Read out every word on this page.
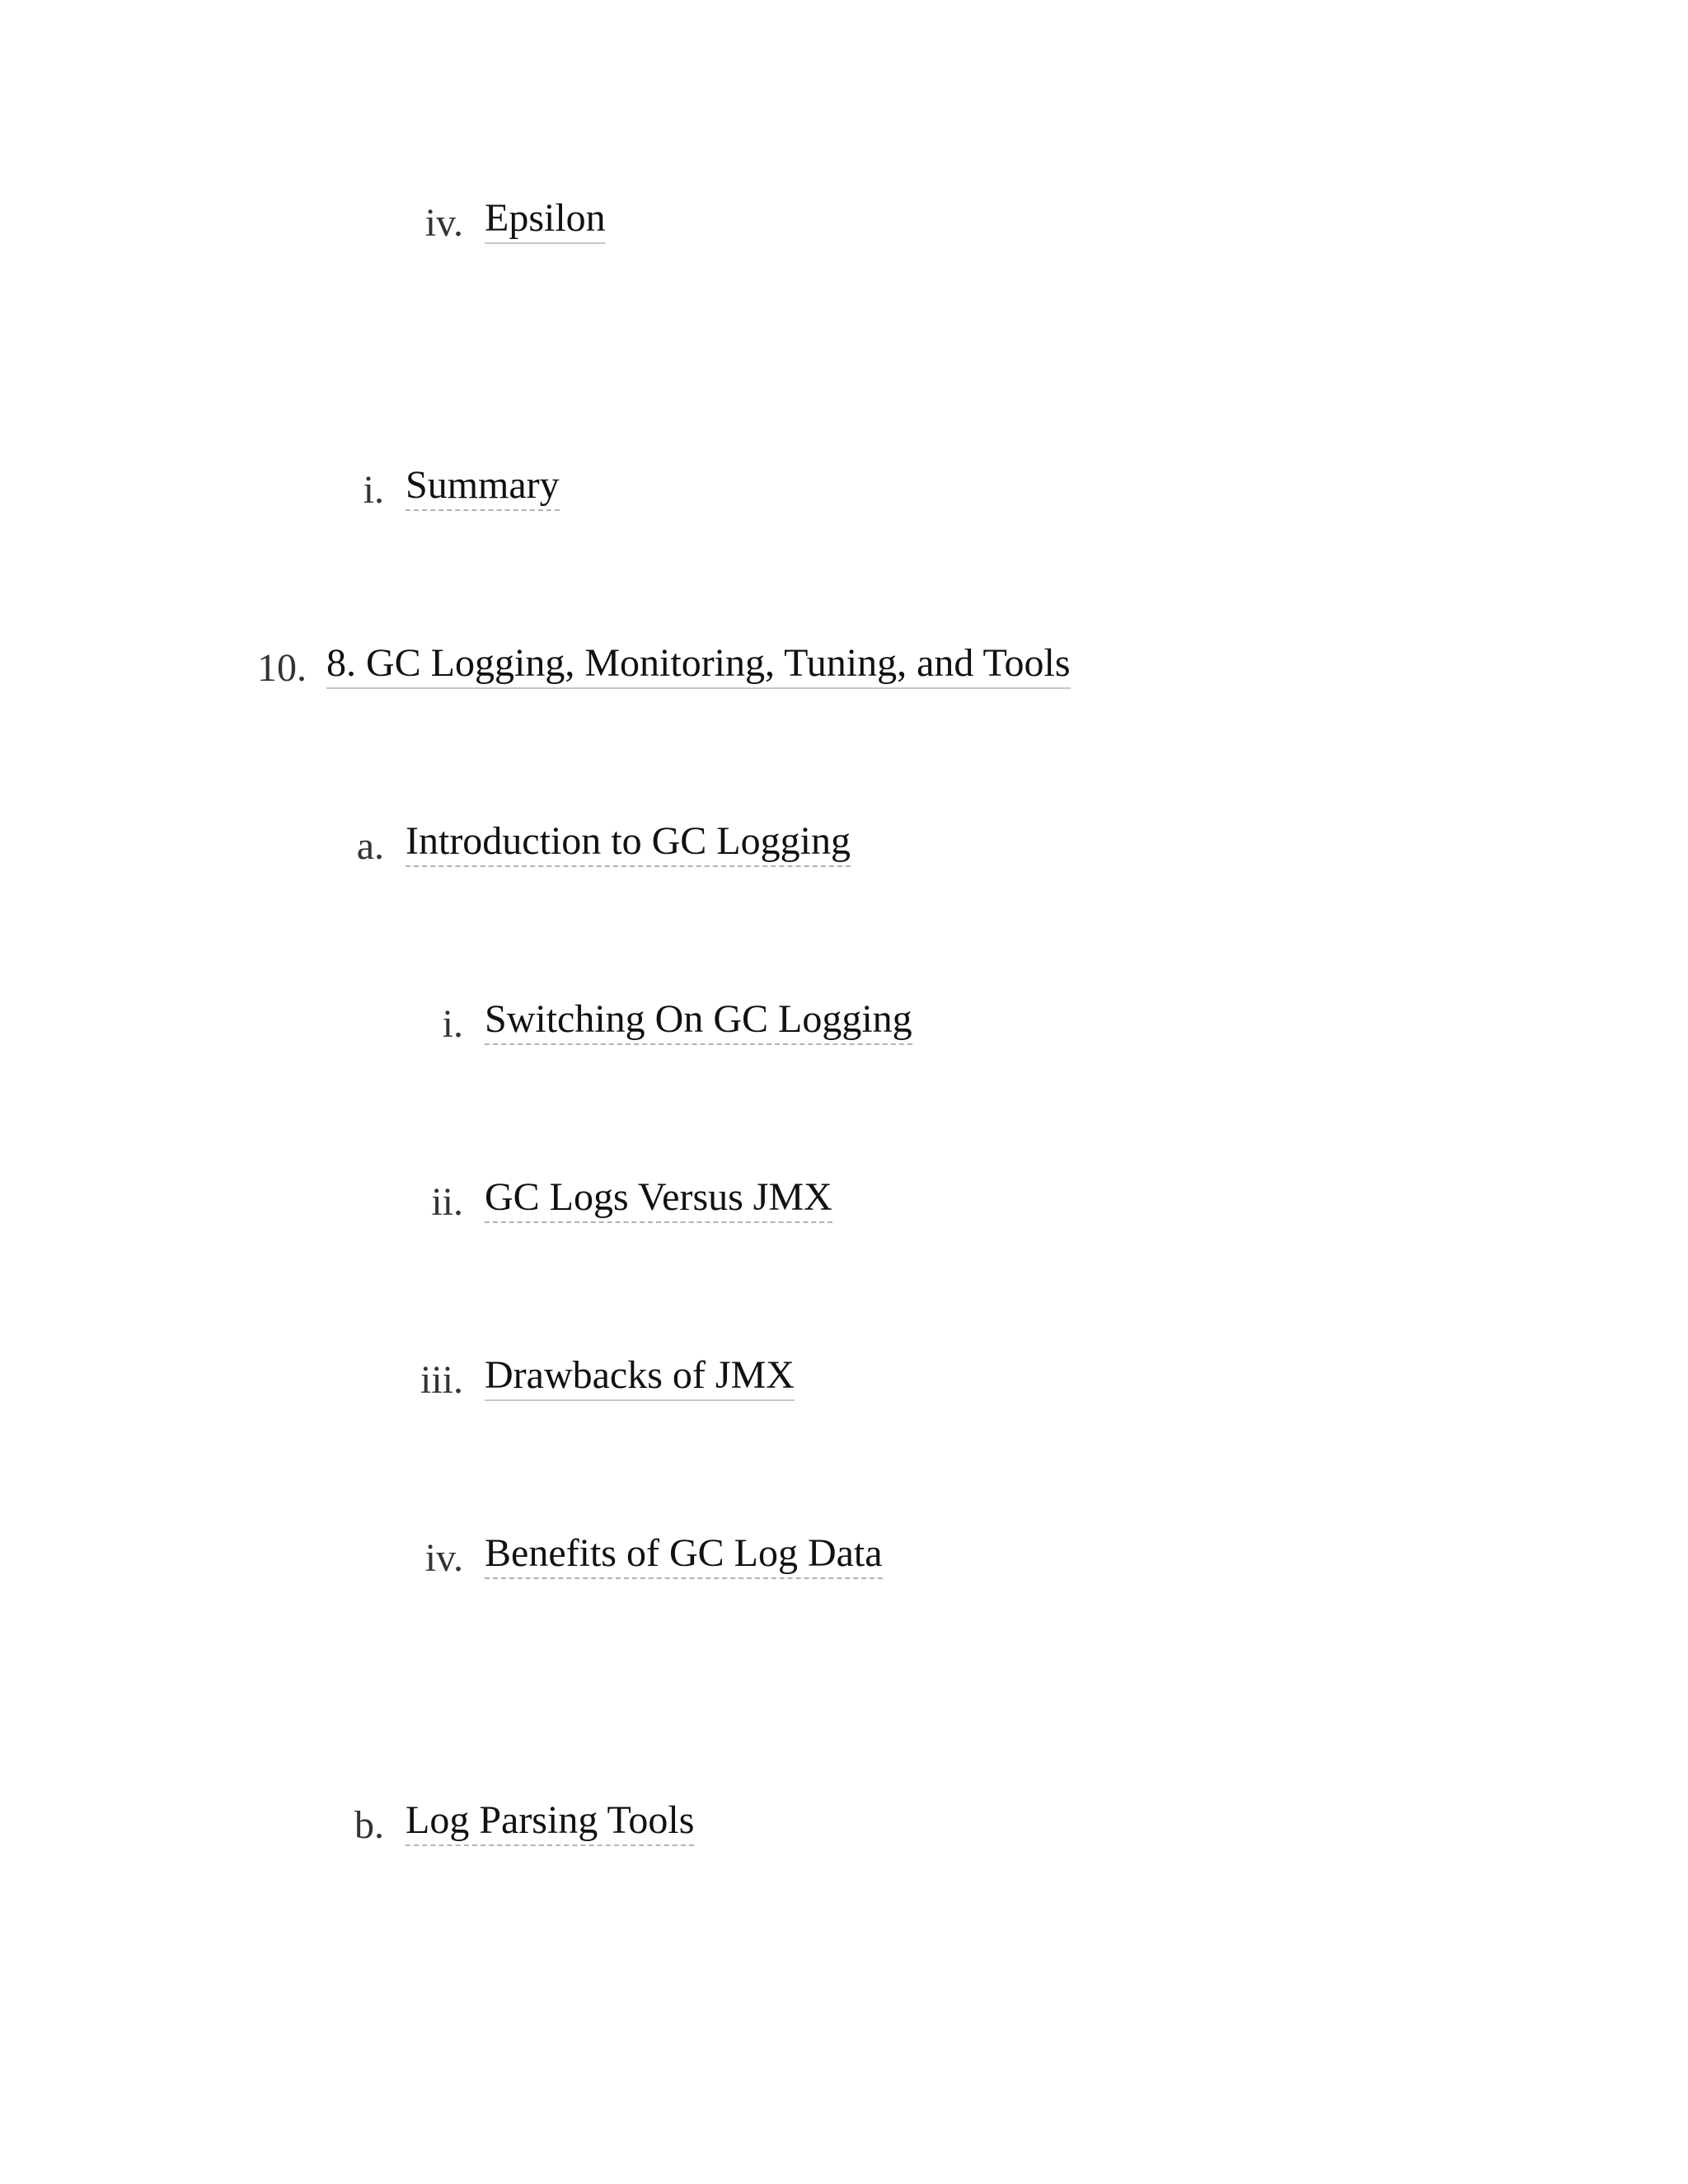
iv. Epsilon
i. Summary
10. 8. GC Logging, Monitoring, Tuning, and Tools
a. Introduction to GC Logging
i. Switching On GC Logging
ii. GC Logs Versus JMX
iii. Drawbacks of JMX
iv. Benefits of GC Log Data
b. Log Parsing Tools
